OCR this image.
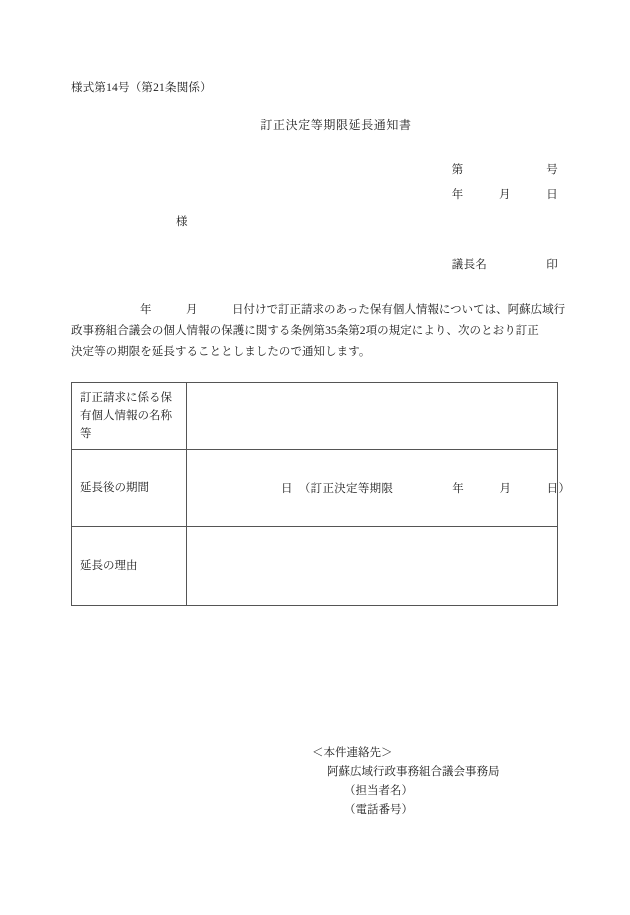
様式第14号（第21条関係）
訂正決定等期限延長通知書
第　　　　　　　号
年　　　月　　　日
様
議長名　　　　　印
　　　　　　年　　　月　　　日付けで訂正請求のあった保有個人情報については、阿蘇広域行
政事務組合議会の個人情報の保護に関する条例第35条第2項の規定により、次のとおり訂正
決定等の期限を延長することとしましたので通知します。
訂正請求に係る保有個人情報の名称等	
延長後の期間	日　（訂正決定等期限　　　　　年　　　月　　　日）

延長の理由	
＜本件連絡先＞
阿蘇広域行政事務組合議会事務局
（担当者名）
（電話番号）
